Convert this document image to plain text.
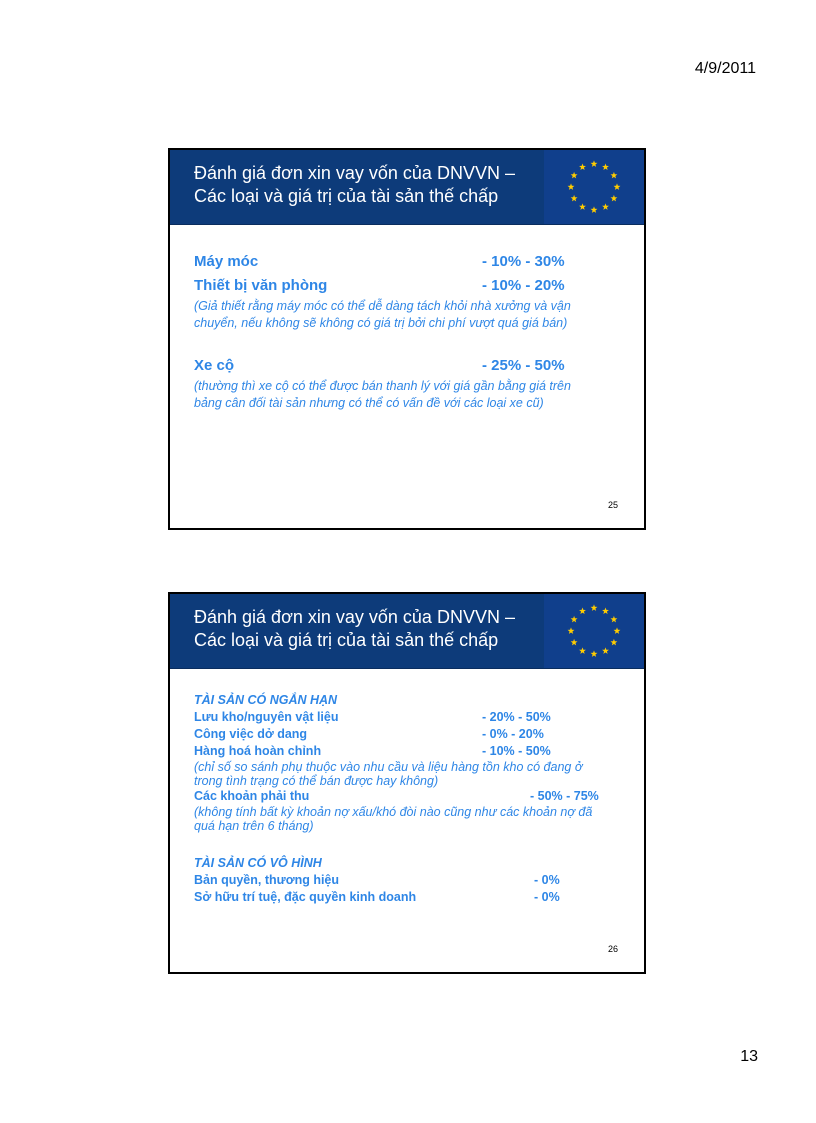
4/9/2011
Đánh giá đơn xin vay vốn của DNVVN –
Các loại và giá trị của tài sản thế chấp
Máy móc	- 10% - 30%
Thiết bị văn phòng	- 10% - 20%
(Giả thiết rằng máy móc có thể dễ dàng tách khỏi nhà xưởng và vận
chuyển, nếu không sẽ không có giá trị bởi chi phí vượt quá giá bán)
Xe cộ	- 25% - 50%
(thường thì xe cộ có thể được bán thanh lý với giá gần bằng giá trên
bảng cân đối tài sản nhưng có thể có vấn đề với các loại xe cũ)
25
Đánh giá đơn xin vay vốn của DNVVN –
Các loại và giá trị của tài sản thế chấp
TÀI SẢN CÓ NGẮN HẠN
Lưu kho/nguyên vật liệu	- 20% - 50%
Công việc dở dang	- 0% - 20%
Hàng hoá hoàn chỉnh	- 10% - 50%
(chỉ số so sánh phụ thuộc vào nhu cầu và liệu hàng tồn kho có đang ở
trong tình trạng có thể bán được hay không)
Các khoản phải thu	- 50% - 75%
(không tính bất kỳ khoản nợ xấu/khó đòi nào cũng như các khoản nợ đã
quá hạn trên 6 tháng)
TÀI SẢN CÓ VÔ HÌNH
Bản quyền, thương hiệu	- 0%
Sở hữu trí tuệ, đặc quyền kinh doanh	- 0%
26
13
